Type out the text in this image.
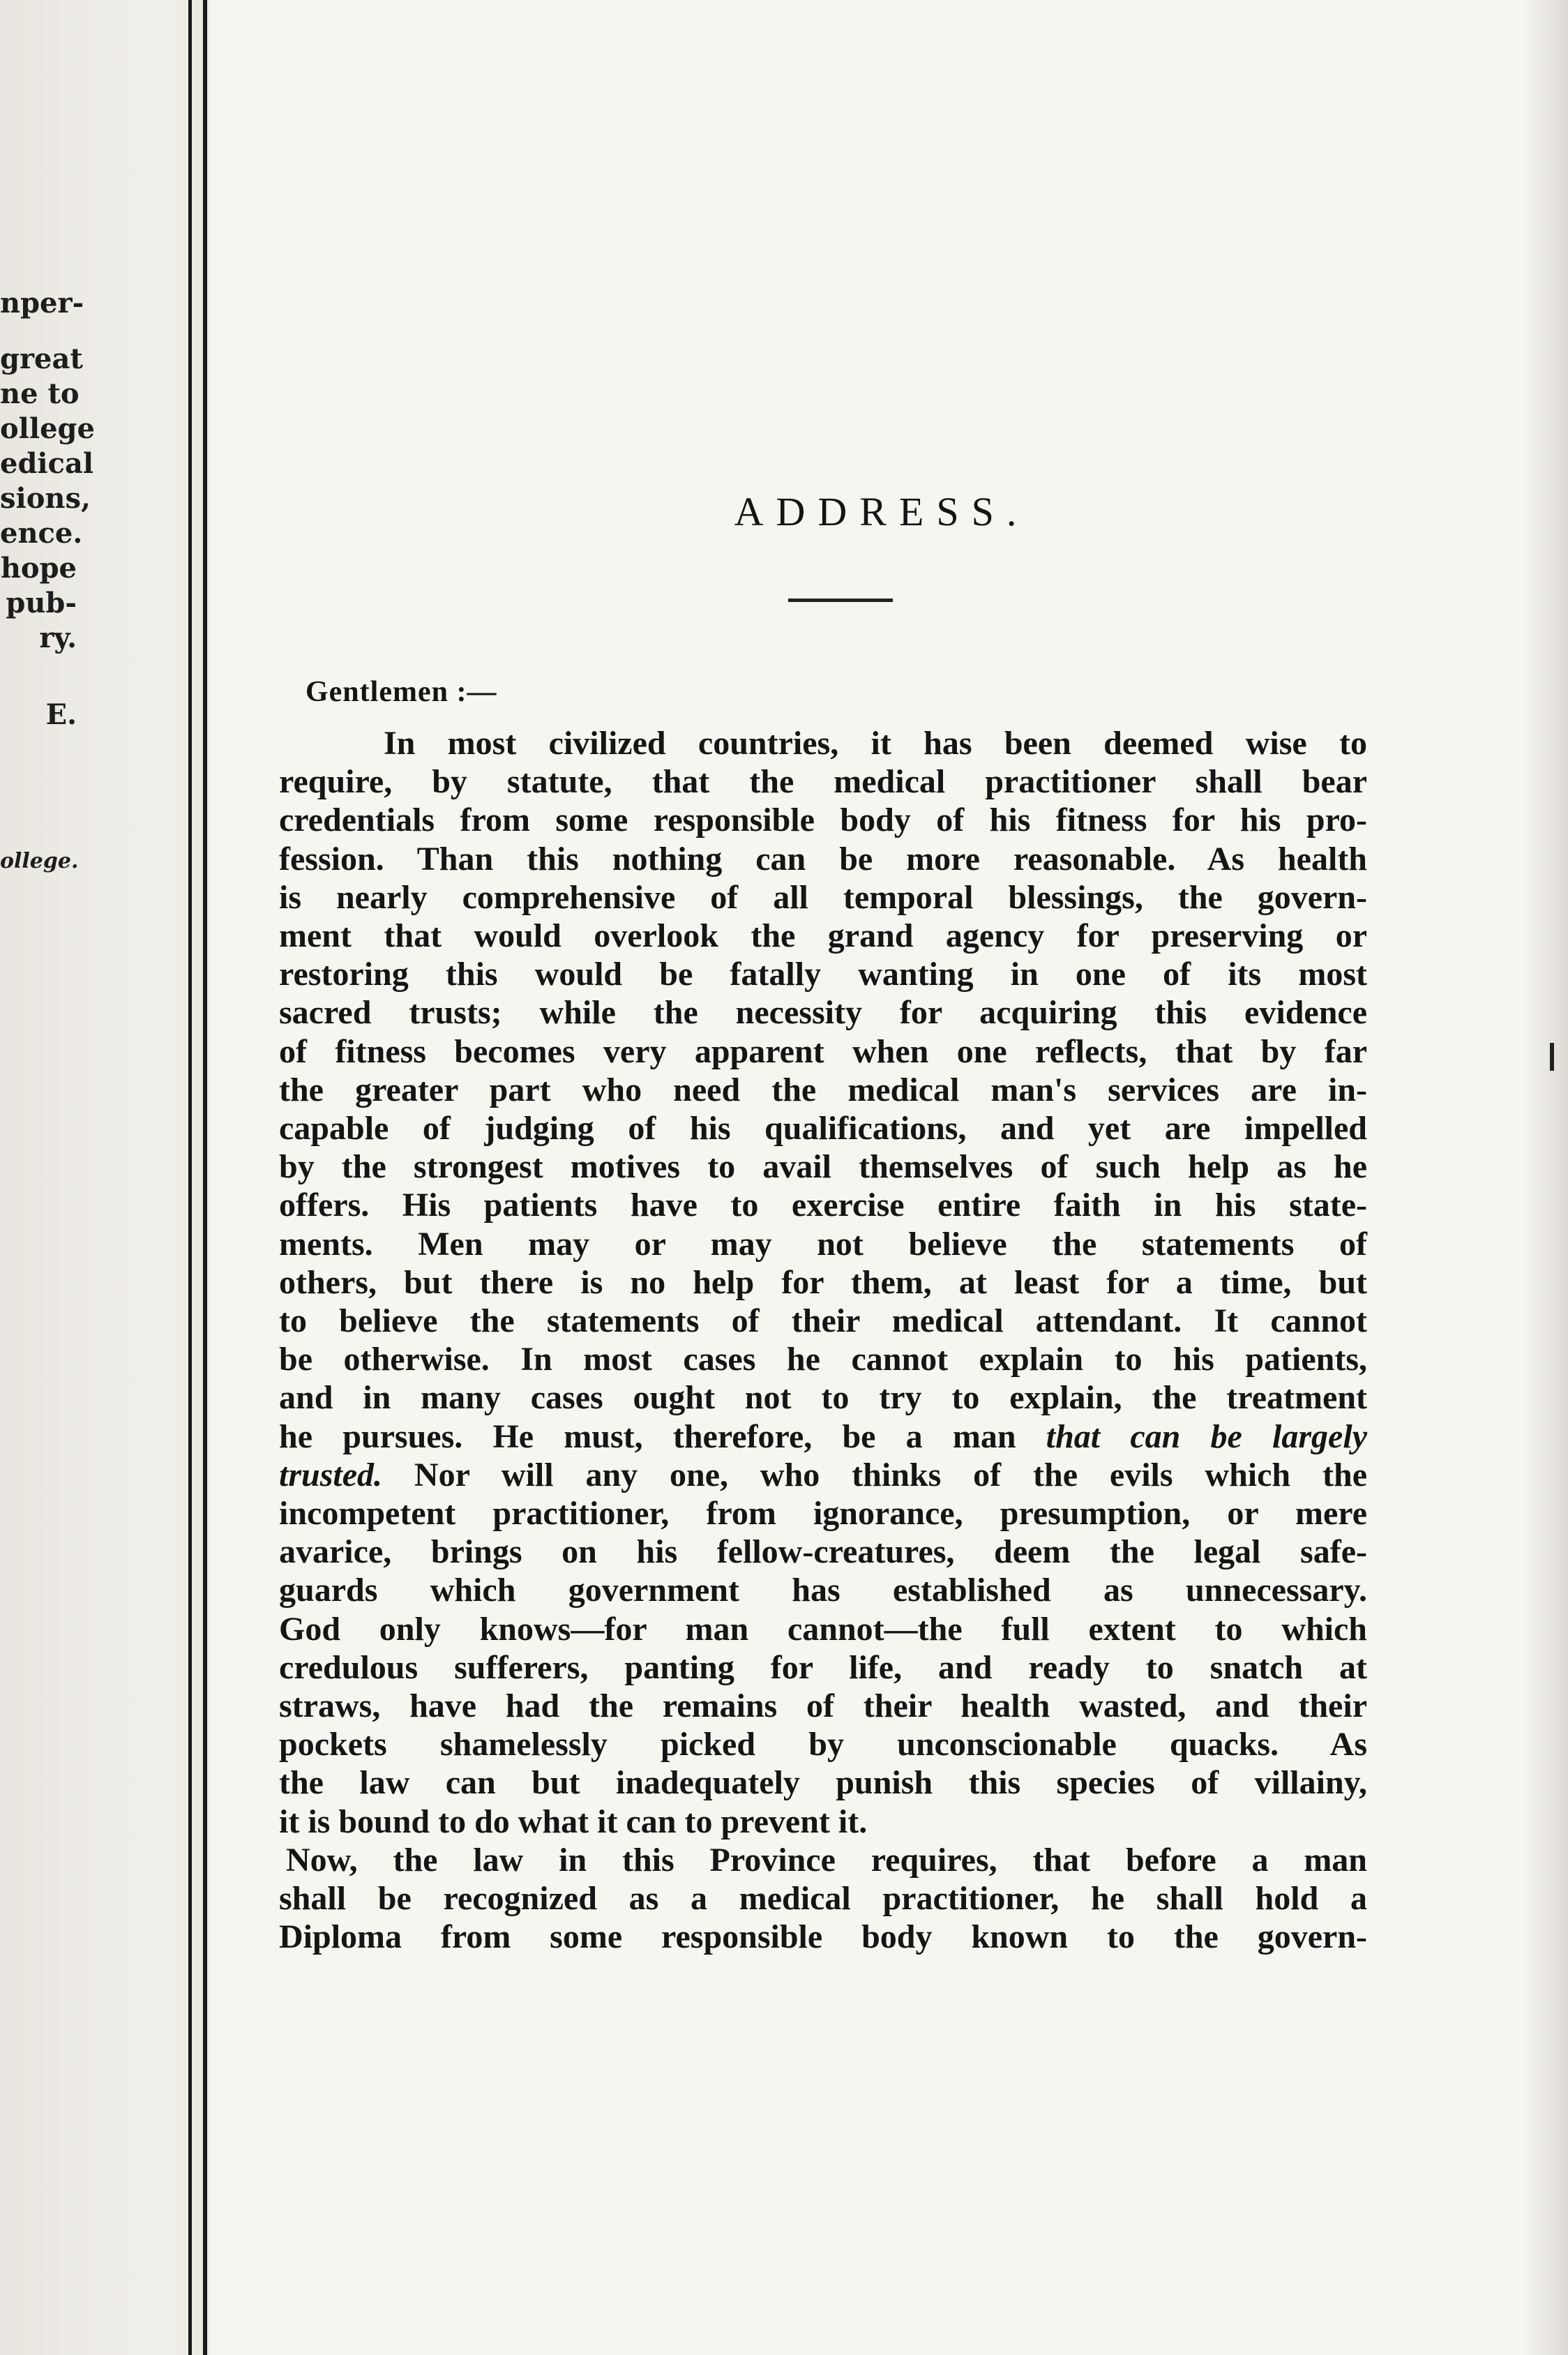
nper-
great
ne to
ollege
edical
sions,
ence.
hope
pub-
ry.
E.
ollege.
ADDRESS.
Gentlemen :—
In most civilized countries, it has been deemed wise to
require, by statute, that the medical practitioner shall bear
credentials from some responsible body of his fitness for his pro-
fession. Than this nothing can be more reasonable. As health
is nearly comprehensive of all temporal blessings, the govern-
ment that would overlook the grand agency for preserving or
restoring this would be fatally wanting in one of its most
sacred trusts; while the necessity for acquiring this evidence
of fitness becomes very apparent when one reflects, that by far
the greater part who need the medical man's services are in-
capable of judging of his qualifications, and yet are impelled
by the strongest motives to avail themselves of such help as he
offers. His patients have to exercise entire faith in his state-
ments. Men may or may not believe the statements of
others, but there is no help for them, at least for a time, but
to believe the statements of their medical attendant. It cannot
be otherwise. In most cases he cannot explain to his patients,
and in many cases ought not to try to explain, the treatment
he pursues. He must, therefore, be a man that can be largely
trusted. Nor will any one, who thinks of the evils which the
incompetent practitioner, from ignorance, presumption, or mere
avarice, brings on his fellow-creatures, deem the legal safe-
guards which government has established as unnecessary.
God only knows—for man cannot—the full extent to which
credulous sufferers, panting for life, and ready to snatch at
straws, have had the remains of their health wasted, and their
pockets shamelessly picked by unconscionable quacks. As
the law can but inadequately punish this species of villainy,
it is bound to do what it can to prevent it.
Now, the law in this Province requires, that before a man
shall be recognized as a medical practitioner, he shall hold a
Diploma from some responsible body known to the govern-
